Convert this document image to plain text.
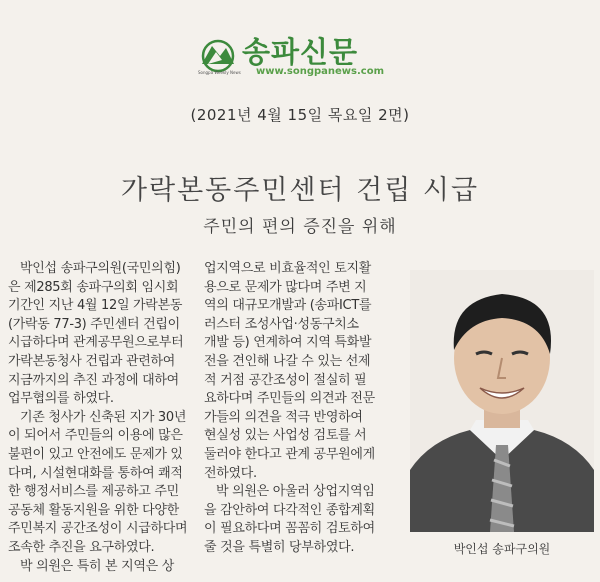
Songpa Weekly News
송파신문
www.songpanews.com
(2021년 4월 15일 목요일 2면)
가락본동주민센터 건립 시급
주민의 편의 증진을 위해
박인섭 송파구의원(국민의힘)
은 제285회 송파구의회 임시회
기간인 지난 4월 12일 가락본동
(가락동 77-3) 주민센터 건립이
시급하다며 관계공무원으로부터
가락본동청사 건립과 관련하여
지금까지의 추진 과정에 대하여
업무협의를 하였다.
기존 청사가 신축된 지가 30년
이 되어서 주민들의 이용에 많은
불편이 있고 안전에도 문제가 있
다며, 시설현대화를 통하여 쾌적
한 행정서비스를 제공하고 주민
공동체 활동지원을 위한 다양한
주민복지 공간조성이 시급하다며
조속한 추진을 요구하였다.
박 의원은 특히 본 지역은 상
업지역으로 비효율적인 토지활
용으로 문제가 많다며 주변 지
역의 대규모개발과 (송파ICT를
러스터 조성사업·성동구치소
개발 등) 연계하여 지역 특화발
전을 견인해 나갈 수 있는 선제
적 거점 공간조성이 절실히 필
요하다며 주민들의 의견과 전문
가들의 의견을 적극 반영하여
현실성 있는 사업성 검토를 서
둘러야 한다고 관계 공무원에게
전하였다.
박 의원은 아울러 상업지역임
을 감안하여 다각적인 종합계획
이 필요하다며 꼼꼼히 검토하여
줄 것을 특별히 당부하였다.	박인섭 송파구의원
